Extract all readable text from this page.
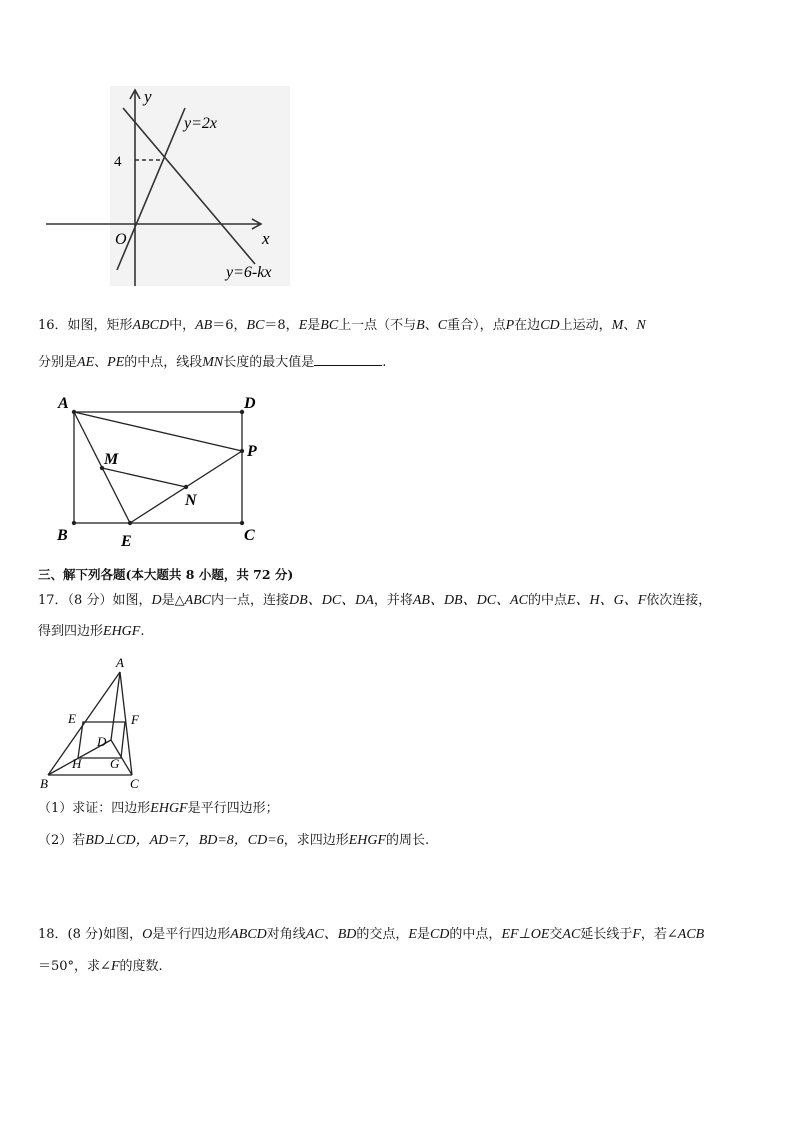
y
x
O
4
y=2x
y=6-kx
16．如图，矩形ABCD中，AB＝6，BC＝8，E是BC上一点（不与B、C重合），点P在边CD上运动，M、N
分别是AE、PE的中点，线段MN长度的最大值是	.
A	D
P
M
N
B	E	C
三、解下列各题(本大题共 8 小题，共 72 分)
17．（8 分）如图，D是△ABC内一点，连接DB、DC、DA，并将AB、DB、DC、AC的中点E、H、G、F依次连接，
得到四边形EHGF.
A
E	F
D
H G
B	C
（1）求证：四边形EHGF是平行四边形；
（2）若BD⊥CD，AD=7，BD=8，CD=6，求四边形EHGF的周长.
18．(8 分)如图，O是平行四边形ABCD对角线AC、BD的交点，E是CD的中点，EF⊥OE交AC延长线于F，若∠ACB
＝50°，求∠F的度数.
